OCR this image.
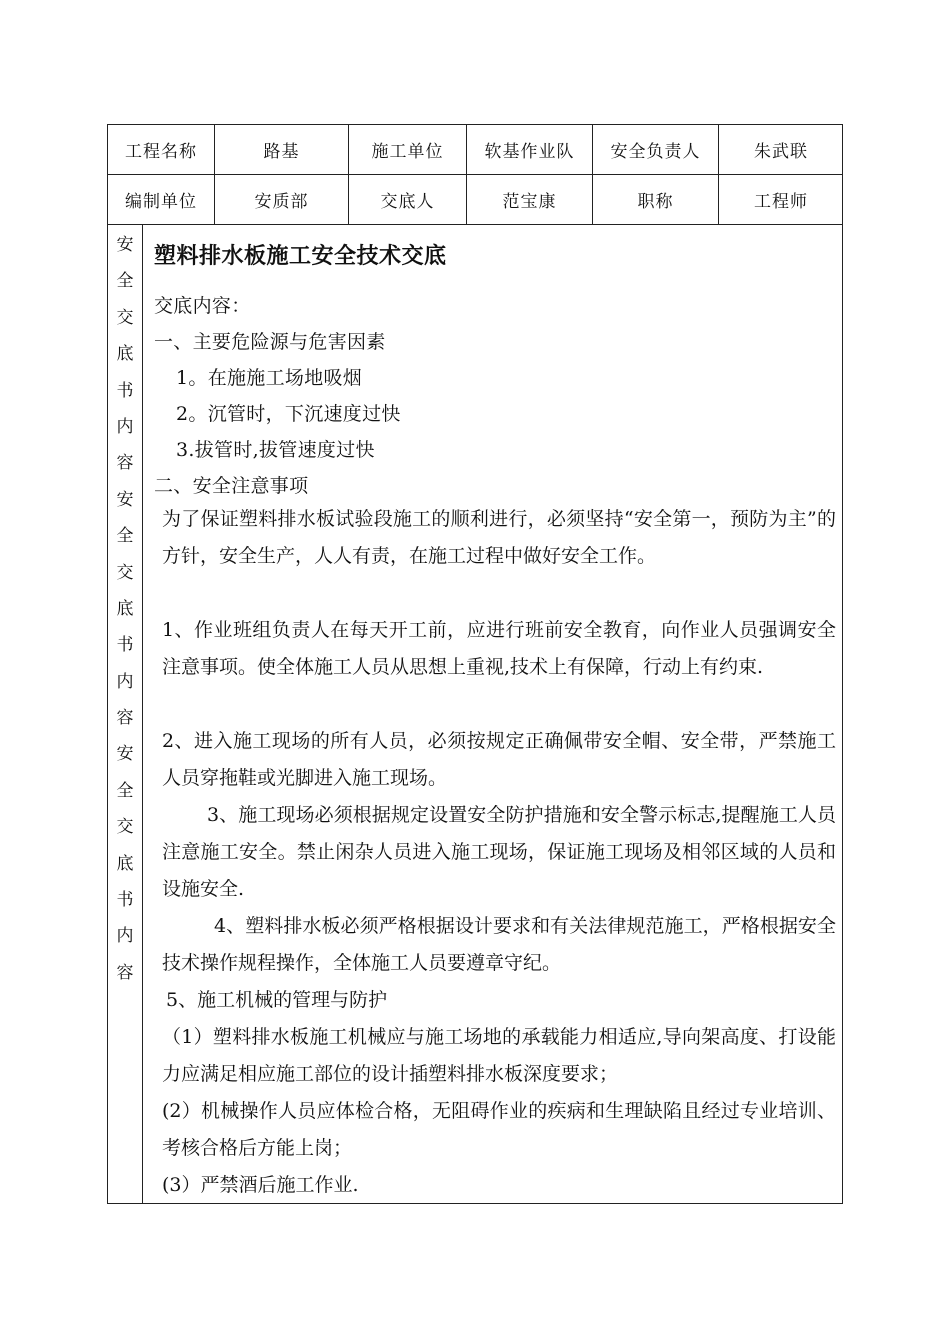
工程名称	路基	施工单位	软基作业队	安全负责人	朱武联
编制单位	安质部	交底人	范宝康	职称	工程师
安
全
交
底
书
内
容
安
全
交
底
书
内
容
安
全
交
底
书
内
容
塑料排水板施工安全技术交底
交底内容：
一、主要危险源与危害因素
1。在施施工场地吸烟
2。沉管时，下沉速度过快
3.拔管时,拔管速度过快
二、安全注意事项
为了保证塑料排水板试验段施工的顺利进行，必须坚持“安全第一，预防为主”的方针，安全生产，人人有责，在施工过程中做好安全工作。
1、作业班组负责人在每天开工前，应进行班前安全教育，向作业人员强调安全注意事项。使全体施工人员从思想上重视,技术上有保障，行动上有约束.
2、进入施工现场的所有人员，必须按规定正确佩带安全帽、安全带，严禁施工人员穿拖鞋或光脚进入施工现场。
3、施工现场必须根据规定设置安全防护措施和安全警示标志,提醒施工人员注意施工安全。禁止闲杂人员进入施工现场，保证施工现场及相邻区域的人员和设施安全.
4、塑料排水板必须严格根据设计要求和有关法律规范施工，严格根据安全技术操作规程操作，全体施工人员要遵章守纪。
5、施工机械的管理与防护
（1）塑料排水板施工机械应与施工场地的承载能力相适应,导向架高度、打设能力应满足相应施工部位的设计插塑料排水板深度要求；
(2）机械操作人员应体检合格，无阻碍作业的疾病和生理缺陷且经过专业培训、考核合格后方能上岗；
(3）严禁酒后施工作业.
